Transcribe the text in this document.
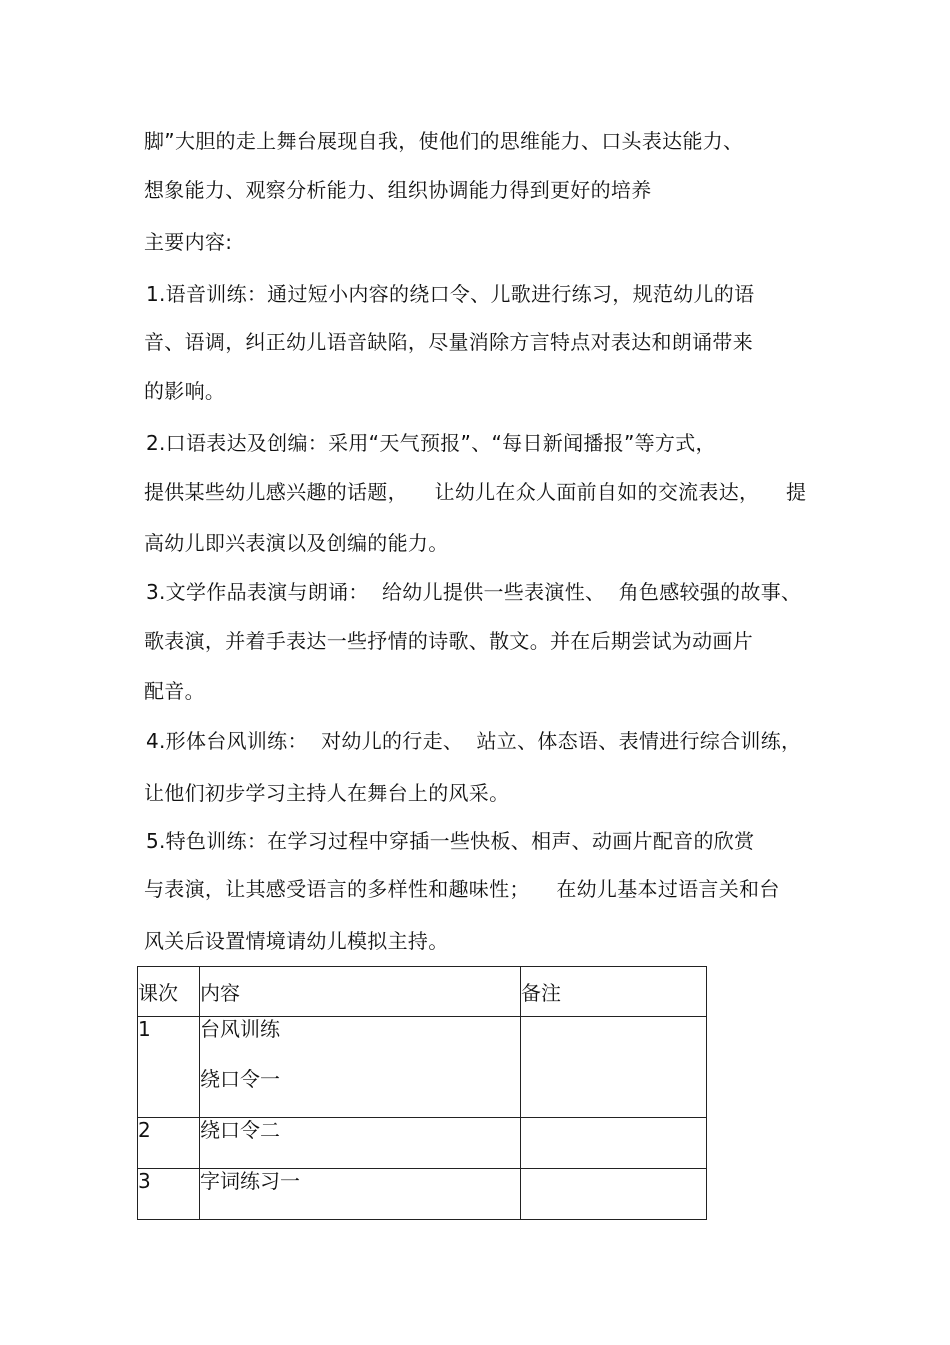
脚”大胆的走上舞台展现自我，使他们的思维能力、口头表达能力、
想象能力、观察分析能力、组织协调能力得到更好的培养
主要内容:
1.语音训练：通过短小内容的绕口令、儿歌进行练习，规范幼儿的语
音、语调，纠正幼儿语音缺陷，尽量消除方言特点对表达和朗诵带来
的影响。
2.口语表达及创编：采用“天气预报”、“每日新闻播报”等方式，
提供某些幼儿感兴趣的话题，    让幼儿在众人面前自如的交流表达，    提
高幼儿即兴表演以及创编的能力。
3.文学作品表演与朗诵：  给幼儿提供一些表演性、  角色感较强的故事、
歌表演，并着手表达一些抒情的诗歌、散文。并在后期尝试为动画片
配音。
4.形体台风训练：  对幼儿的行走、  站立、体态语、表情进行综合训练，
让他们初步学习主持人在舞台上的风采。
5.特色训练：在学习过程中穿插一些快板、相声、动画片配音的欣赏
与表演，让其感受语言的多样性和趣味性；    在幼儿基本过语言关和台
风关后设置情境请幼儿模拟主持。
课次	内容	备注
1	台风训练
绕口令一	

2	绕口令二	

3	字词练习一	
